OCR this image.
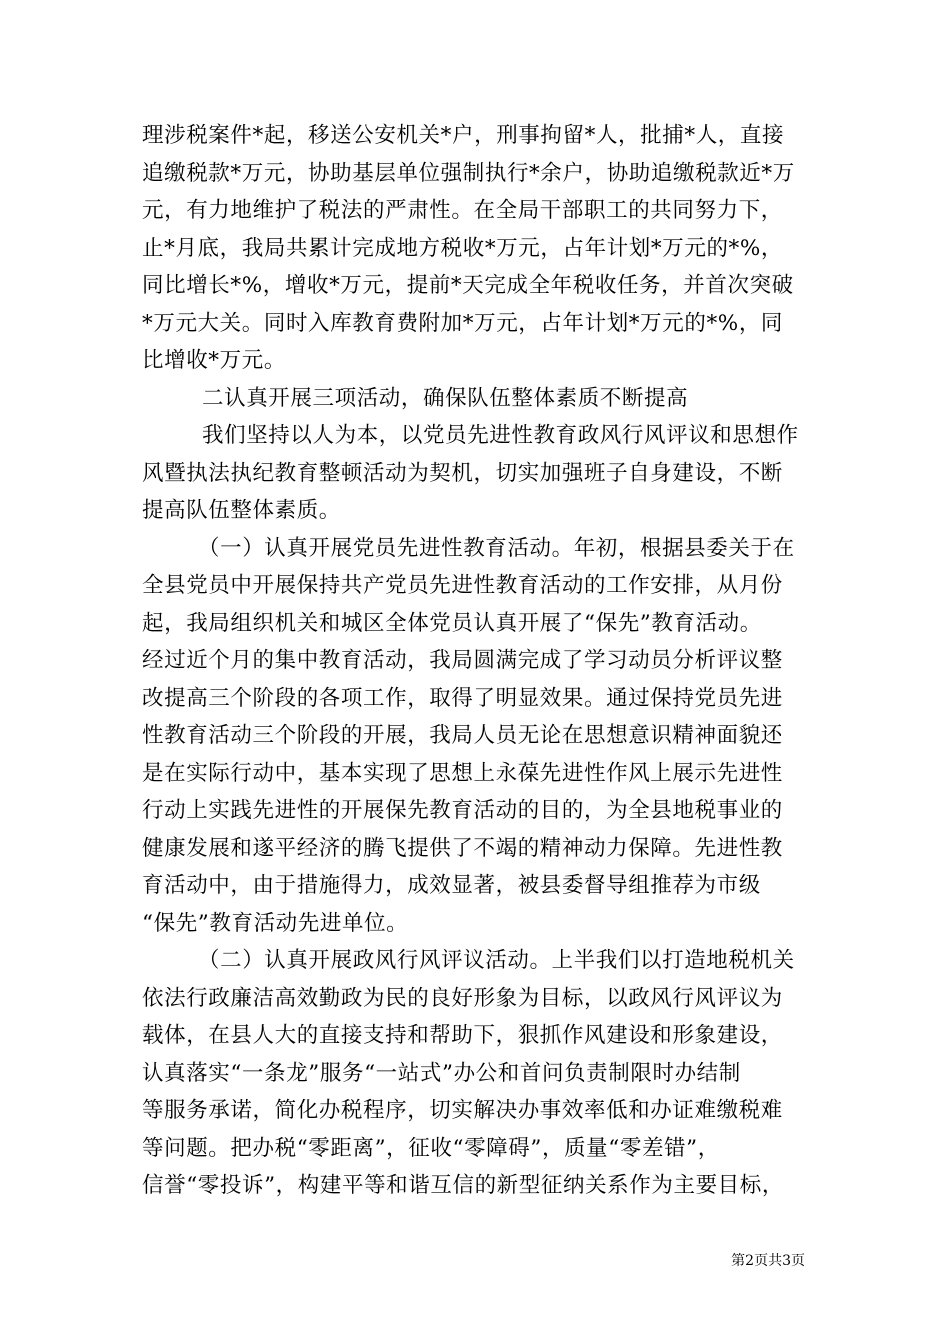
理涉税案件*起，移送公安机关*户，刑事拘留*人，批捕*人，直接
追缴税款*万元，协助基层单位强制执行*余户，协助追缴税款近*万
元，有力地维护了税法的严肃性。在全局干部职工的共同努力下，
止*月底，我局共累计完成地方税收*万元，占年计划*万元的*%，
同比增长*%，增收*万元，提前*天完成全年税收任务，并首次突破
*万元大关。同时入库教育费附加*万元，占年计划*万元的*%，同
比增收*万元。
二认真开展三项活动，确保队伍整体素质不断提高
我们坚持以人为本，以党员先进性教育政风行风评议和思想作
风暨执法执纪教育整顿活动为契机，切实加强班子自身建设，不断
提高队伍整体素质。
（一）认真开展党员先进性教育活动。年初，根据县委关于在
全县党员中开展保持共产党员先进性教育活动的工作安排，从月份
起，我局组织机关和城区全体党员认真开展了“保先”教育活动。
经过近个月的集中教育活动，我局圆满完成了学习动员分析评议整
改提高三个阶段的各项工作，取得了明显效果。通过保持党员先进
性教育活动三个阶段的开展，我局人员无论在思想意识精神面貌还
是在实际行动中，基本实现了思想上永葆先进性作风上展示先进性
行动上实践先进性的开展保先教育活动的目的，为全县地税事业的
健康发展和遂平经济的腾飞提供了不竭的精神动力保障。先进性教
育活动中，由于措施得力，成效显著，被县委督导组推荐为市级
“保先”教育活动先进单位。
（二）认真开展政风行风评议活动。上半我们以打造地税机关
依法行政廉洁高效勤政为民的良好形象为目标，以政风行风评议为
载体，在县人大的直接支持和帮助下，狠抓作风建设和形象建设，
认真落实“一条龙”服务“一站式”办公和首问负责制限时办结制
等服务承诺，简化办税程序，切实解决办事效率低和办证难缴税难
等问题。把办税“零距离”，征收“零障碍”，质量“零差错”，
信誉“零投诉”，构建平等和谐互信的新型征纳关系作为主要目标，
第2页共3页
